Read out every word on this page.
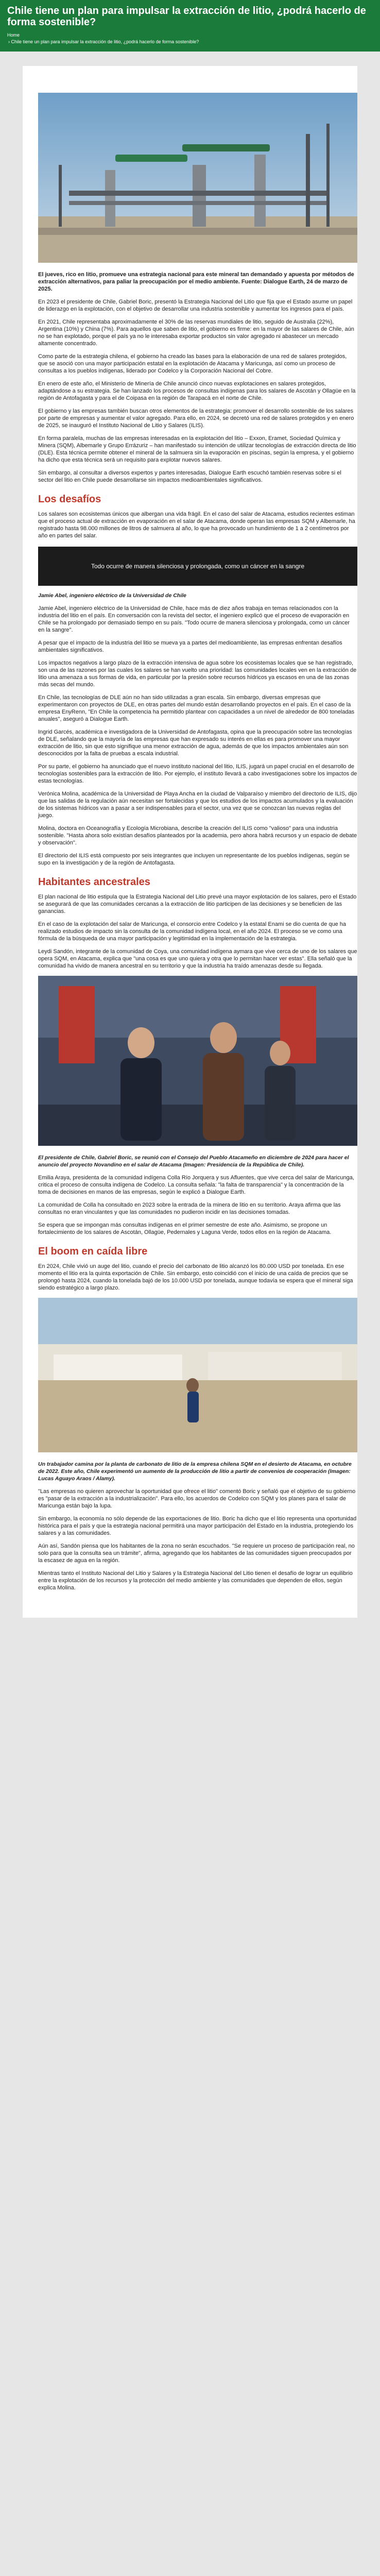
Chile tiene un plan para impulsar la extracción de litio, ¿podrá hacerlo de forma sostenible?
Home
› Chile tiene un plan para impulsar la extracción de litio, ¿podrá hacerlo de forma sostenible?

El jueves, rico en litio, promueve una estrategia nacional para este mineral tan demandado y apuesta por métodos de extracción alternativos, para paliar la preocupación por el medio ambiente. Fuente: Dialogue Earth, 24 de marzo de 2025.

En 2023 el presidente de Chile, Gabriel Boric, presentó la Estrategia Nacional del Litio que fija que el Estado asume un papel de liderazgo en la explotación, con el objetivo de desarrollar una industria sostenible y aumentar los ingresos para el país.

En 2021, Chile representaba aproximadamente el 30% de las reservas mundiales de litio, seguido de Australia (22%), Argentina (10%) y China (7%). Para aquellos que saben de litio, el gobierno es firme: en la mayor de las salares de Chile, aún no se han explotado, porque el país ya no le interesaba exportar productos sin valor agregado ni abastecer un mercado altamente concentrado.

Como parte de la estrategia chilena, el gobierno ha creado las bases para la elaboración de una red de salares protegidos, que se asoció con una mayor participación estatal en la explotación de Atacama y Maricunga, así como un proceso de consultas a los pueblos indígenas, liderado por Codelco y la Corporación Nacional del Cobre.

En enero de este año, el Ministerio de Minería de Chile anunció cinco nuevas explotaciones en salares protegidos, adaptándose a su estrategia. Se han lanzado los procesos de consultas indígenas para los salares de Ascotán y Ollagüe en la región de Antofagasta y para el de Coipasa en la región de Tarapacá en el norte de Chile.

El gobierno y las empresas también buscan otros elementos de la estrategia: promover el desarrollo sostenible de los salares por parte de empresas y aumentar el valor agregado. Para ello, en 2024, se decretó una red de salares protegidos y en enero de 2025, se inauguró el Instituto Nacional de Litio y Salares (ILIS).

En forma paralela, muchas de las empresas interesadas en la explotación del litio – Exxon, Eramet, Sociedad Química y Minera (SQM), Albemarle y Grupo Errázuriz – han manifestado su intención de utilizar tecnologías de extracción directa de litio (DLE). Esta técnica permite obtener el mineral de la salmuera sin la evaporación en piscinas, según la empresa, y el gobierno ha dicho que esta técnica será un requisito para explotar nuevos salares.

Sin embargo, al consultar a diversos expertos y partes interesadas, Dialogue Earth escuchó también reservas sobre si el sector del litio en Chile puede desarrollarse sin impactos medioambientales significativos.

Los desafíos

Los salares son ecosistemas únicos que albergan una vida frágil. En el caso del salar de Atacama, estudios recientes estiman que el proceso actual de extracción en evaporación en el salar de Atacama, donde operan las empresas SQM y Albemarle, ha registrado hasta 98.000 millones de litros de salmuera al año, lo que ha provocado un hundimiento de 1 a 2 centímetros por año en partes del salar.

Todo ocurre de manera silenciosa y prolongada, como un cáncer en la sangre

Jamie Abel, ingeniero eléctrico de la Universidad de Chile

Jamie Abel, ingeniero eléctrico de la Universidad de Chile, hace más de diez años trabaja en temas relacionados con la industria del litio en el país. En conversación con la revista del sector, el ingeniero explicó que el proceso de evaporación en Chile se ha prolongado por demasiado tiempo en su país. "Todo ocurre de manera silenciosa y prolongada, como un cáncer en la sangre".

A pesar que el impacto de la industria del litio se mueva ya a partes del medioambiente, las empresas enfrentan desafíos ambientales significativos.

Los impactos negativos a largo plazo de la extracción intensiva de agua sobre los ecosistemas locales que se han registrado, son una de las razones por las cuales los salares se han vuelto una prioridad: las comunidades locales ven en la extracción de litio una amenaza a sus formas de vida, en particular por la presión sobre recursos hídricos ya escasos en una de las zonas más secas del mundo.

En Chile, las tecnologías de DLE aún no han sido utilizadas a gran escala. Sin embargo, diversas empresas que experimentaron con proyectos de DLE, en otras partes del mundo están desarrollando proyectos en el país. En el caso de la empresa EnyRenn, "En Chile la competencia ha permitido plantear con capacidades a un nivel de alrededor de 800 toneladas anuales", aseguró a Dialogue Earth.

Ingrid Garcés, académica e investigadora de la Universidad de Antofagasta, opina que la preocupación sobre las tecnologías de DLE, señalando que la mayoría de las empresas que han expresado su interés en ellas es para promover una mayor extracción de litio, sin que esto signifique una menor extracción de agua, además de que los impactos ambientales aún son desconocidos por la falta de pruebas a escala industrial.

Por su parte, el gobierno ha anunciado que el nuevo instituto nacional del litio, ILIS, jugará un papel crucial en el desarrollo de tecnologías sostenibles para la extracción de litio. Por ejemplo, el instituto llevará a cabo investigaciones sobre los impactos de estas tecnologías.

Verónica Molina, académica de la Universidad de Playa Ancha en la ciudad de Valparaíso y miembro del directorio de ILIS, dijo que las salidas de la regulación aún necesitan ser fortalecidas y que los estudios de los impactos acumulados y la evaluación de los sistemas hídricos van a pasar a ser indispensables para el sector, una vez que se conozcan las nuevas reglas del juego.

Molina, doctora en Oceanografía y Ecología Microbiana, describe la creación del ILIS como "valioso" para una industria sostenible. "Hasta ahora solo existían desafíos planteados por la academia, pero ahora habrá recursos y un espacio de debate y observación".

El directorio del ILIS está compuesto por seis integrantes que incluyen un representante de los pueblos indígenas, según se supo en la investigación y de la región de Antofagasta.

Habitantes ancestrales

El plan nacional de litio estipula que la Estrategia Nacional del Litio prevé una mayor explotación de los salares, pero el Estado se asegurará de que las comunidades cercanas a la extracción de litio participen de las decisiones y se beneficien de las ganancias.

En el caso de la explotación del salar de Maricunga, el consorcio entre Codelco y la estatal Enami se dio cuenta de que ha realizado estudios de impacto sin la consulta de la comunidad indígena local, en el año 2024. El proceso se ve como una fórmula de la búsqueda de una mayor participación y legitimidad en la implementación de la estrategia.

Leydi Sandón, integrante de la comunidad de Coya, una comunidad indígena aymara que vive cerca de uno de los salares que opera SQM, en Atacama, explica que "una cosa es que uno quiera y otra que lo permitan hacer ver estas". Ella señaló que la comunidad ha vivido de manera ancestral en su territorio y que la industria ha traído amenazas desde su llegada.

El presidente de Chile, Gabriel Boric, se reunió con el Consejo del Pueblo Atacameño en diciembre de 2024 para hacer el anuncio del proyecto Novandino en el salar de Atacama (Imagen: Presidencia de la República de Chile).

Emilia Araya, presidenta de la comunidad indígena Colla Río Jorquera y sus Afluentes, que vive cerca del salar de Maricunga, critica el proceso de consulta indígena de Codelco. La consulta señala: "la falta de transparencia" y la concentración de la toma de decisiones en manos de las empresas, según le explicó a Dialogue Earth.

La comunidad de Colla ha consultado en 2023 sobre la entrada de la minera de litio en su territorio. Araya afirma que las consultas no eran vinculantes y que las comunidades no pudieron incidir en las decisiones tomadas.

Se espera que se impongan más consultas indígenas en el primer semestre de este año. Asimismo, se propone un fortalecimiento de los salares de Ascotán, Ollagüe, Pedernales y Laguna Verde, todos ellos en la región de Atacama.

El boom en caída libre

En 2024, Chile vivió un auge del litio, cuando el precio del carbonato de litio alcanzó los 80.000 USD por tonelada. En ese momento el litio era la quinta exportación de Chile. Sin embargo, esto coincidió con el inicio de una caída de precios que se prolongó hasta 2024, cuando la tonelada bajó de los 10.000 USD por tonelada, aunque todavía se espera que el mineral siga siendo estratégico a largo plazo.

Un trabajador camina por la planta de carbonato de litio de la empresa chilena SQM en el desierto de Atacama, en octubre de 2022. Este año, Chile experimentó un aumento de la producción de litio a partir de convenios de cooperación (Imagen: Lucas Aguayo Araos / Alamy).

"Las empresas no quieren aprovechar la oportunidad que ofrece el litio" comentó Boric y señaló que el objetivo de su gobierno es "pasar de la extracción a la industrialización". Para ello, los acuerdos de Codelco con SQM y los planes para el salar de Maricunga están bajo la lupa.

Sin embargo, la economía no sólo depende de las exportaciones de litio. Boric ha dicho que el litio representa una oportunidad histórica para el país y que la estrategia nacional permitirá una mayor participación del Estado en la industria, protegiendo los salares y a las comunidades.

Aún así, Sandón piensa que los habitantes de la zona no serán escuchados. "Se requiere un proceso de participación real, no solo para que la consulta sea un trámite", afirma, agregando que los habitantes de las comunidades siguen preocupados por la escasez de agua en la región.

Mientras tanto el Instituto Nacional del Litio y Salares y la Estrategia Nacional del Litio tienen el desafío de lograr un equilibrio entre la explotación de los recursos y la protección del medio ambiente y las comunidades que dependen de ellos, según explica Molina.
